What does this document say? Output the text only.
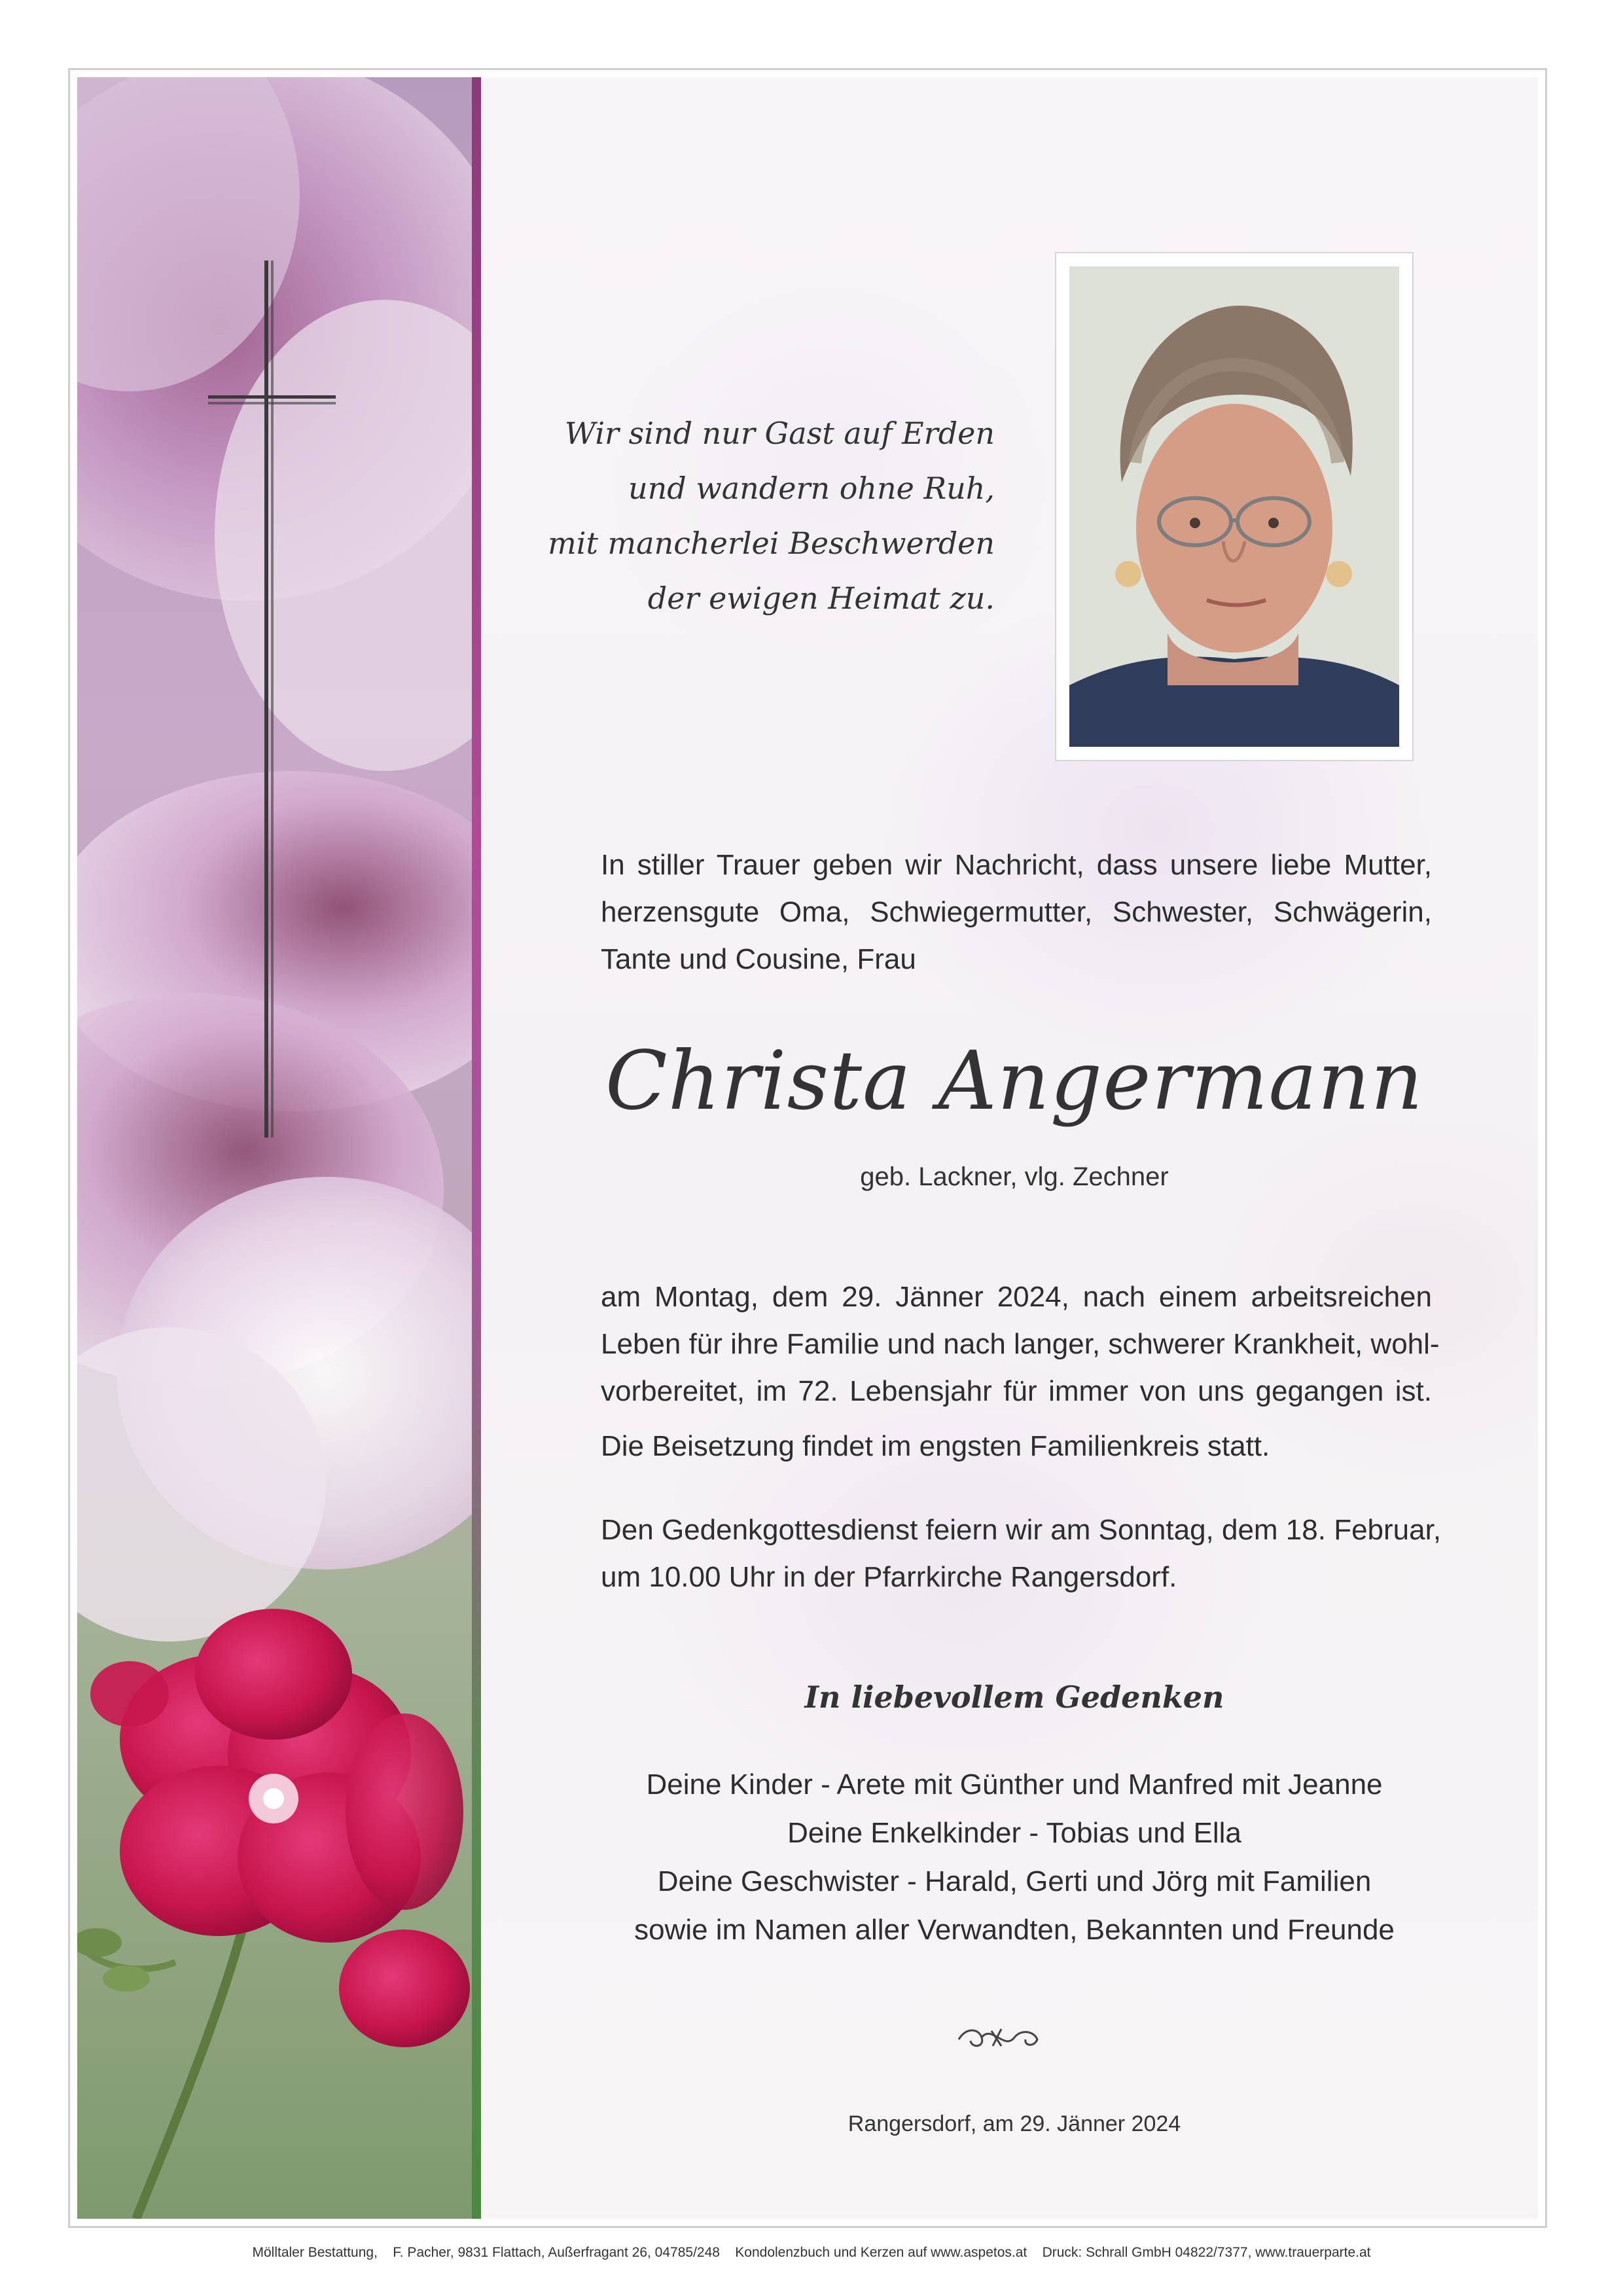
Wir sind nur Gast auf Erden
und wandern ohne Ruh,
mit mancherlei Beschwerden
der ewigen Heimat zu.
In stiller Trauer geben wir Nachricht, dass unsere liebe Mutter,
herzensgute Oma, Schwiegermutter, Schwester, Schwägerin,
Tante und Cousine, Frau
Christa Angermann
geb. Lackner, vlg. Zechner
am Montag, dem 29. Jänner 2024, nach einem arbeitsreichen
Leben für ihre Familie und nach langer, schwerer Krankheit, wohl-
vorbereitet, im 72. Lebensjahr für immer von uns gegangen ist.
Die Beisetzung findet im engsten Familienkreis statt.
Den Gedenkgottesdienst feiern wir am Sonntag, dem 18. Februar,
um 10.00 Uhr in der Pfarrkirche Rangersdorf.
In liebevollem Gedenken
Deine Kinder - Arete mit Günther und Manfred mit Jeanne
Deine Enkelkinder - Tobias und Ella
Deine Geschwister - Harald, Gerti und Jörg mit Familien
sowie im Namen aller Verwandten, Bekannten und Freunde
Rangersdorf, am 29. Jänner 2024
Mölltaler Bestattung,    F. Pacher, 9831 Flattach, Außerfragant 26, 04785/248    Kondolenzbuch und Kerzen auf www.aspetos.at    Druck: Schrall GmbH 04822/7377, www.trauerparte.at
